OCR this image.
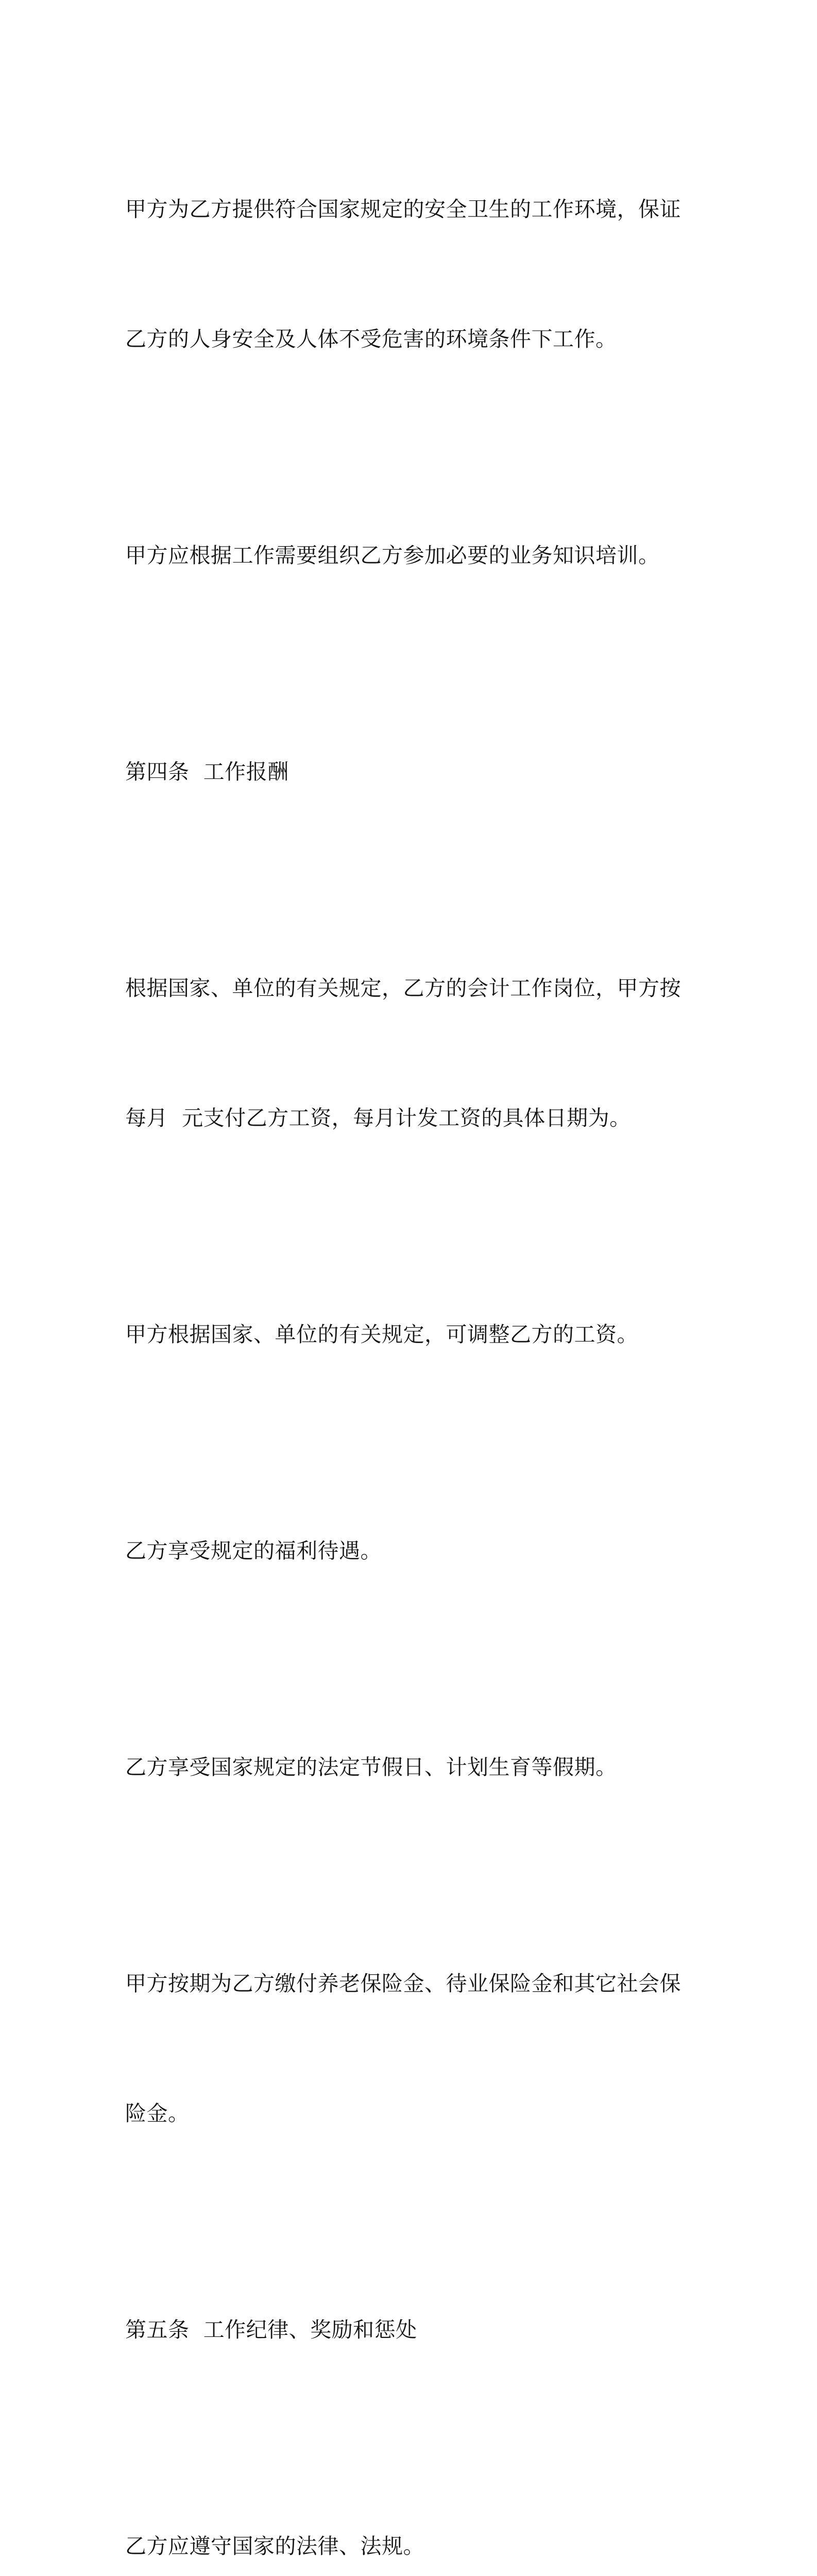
甲方为乙方提供符合国家规定的安全卫生的工作环境，保证

乙方的人身安全及人体不受危害的环境条件下工作。

甲方应根据工作需要组织乙方参加必要的业务知识培训。

第四条  工作报酬

根据国家、单位的有关规定，乙方的会计工作岗位，甲方按

每月  元支付乙方工资，每月计发工资的具体日期为。

甲方根据国家、单位的有关规定，可调整乙方的工资。

乙方享受规定的福利待遇。

乙方享受国家规定的法定节假日、计划生育等假期。

甲方按期为乙方缴付养老保险金、待业保险金和其它社会保

险金。

第五条  工作纪律、奖励和惩处

乙方应遵守国家的法律、法规。
